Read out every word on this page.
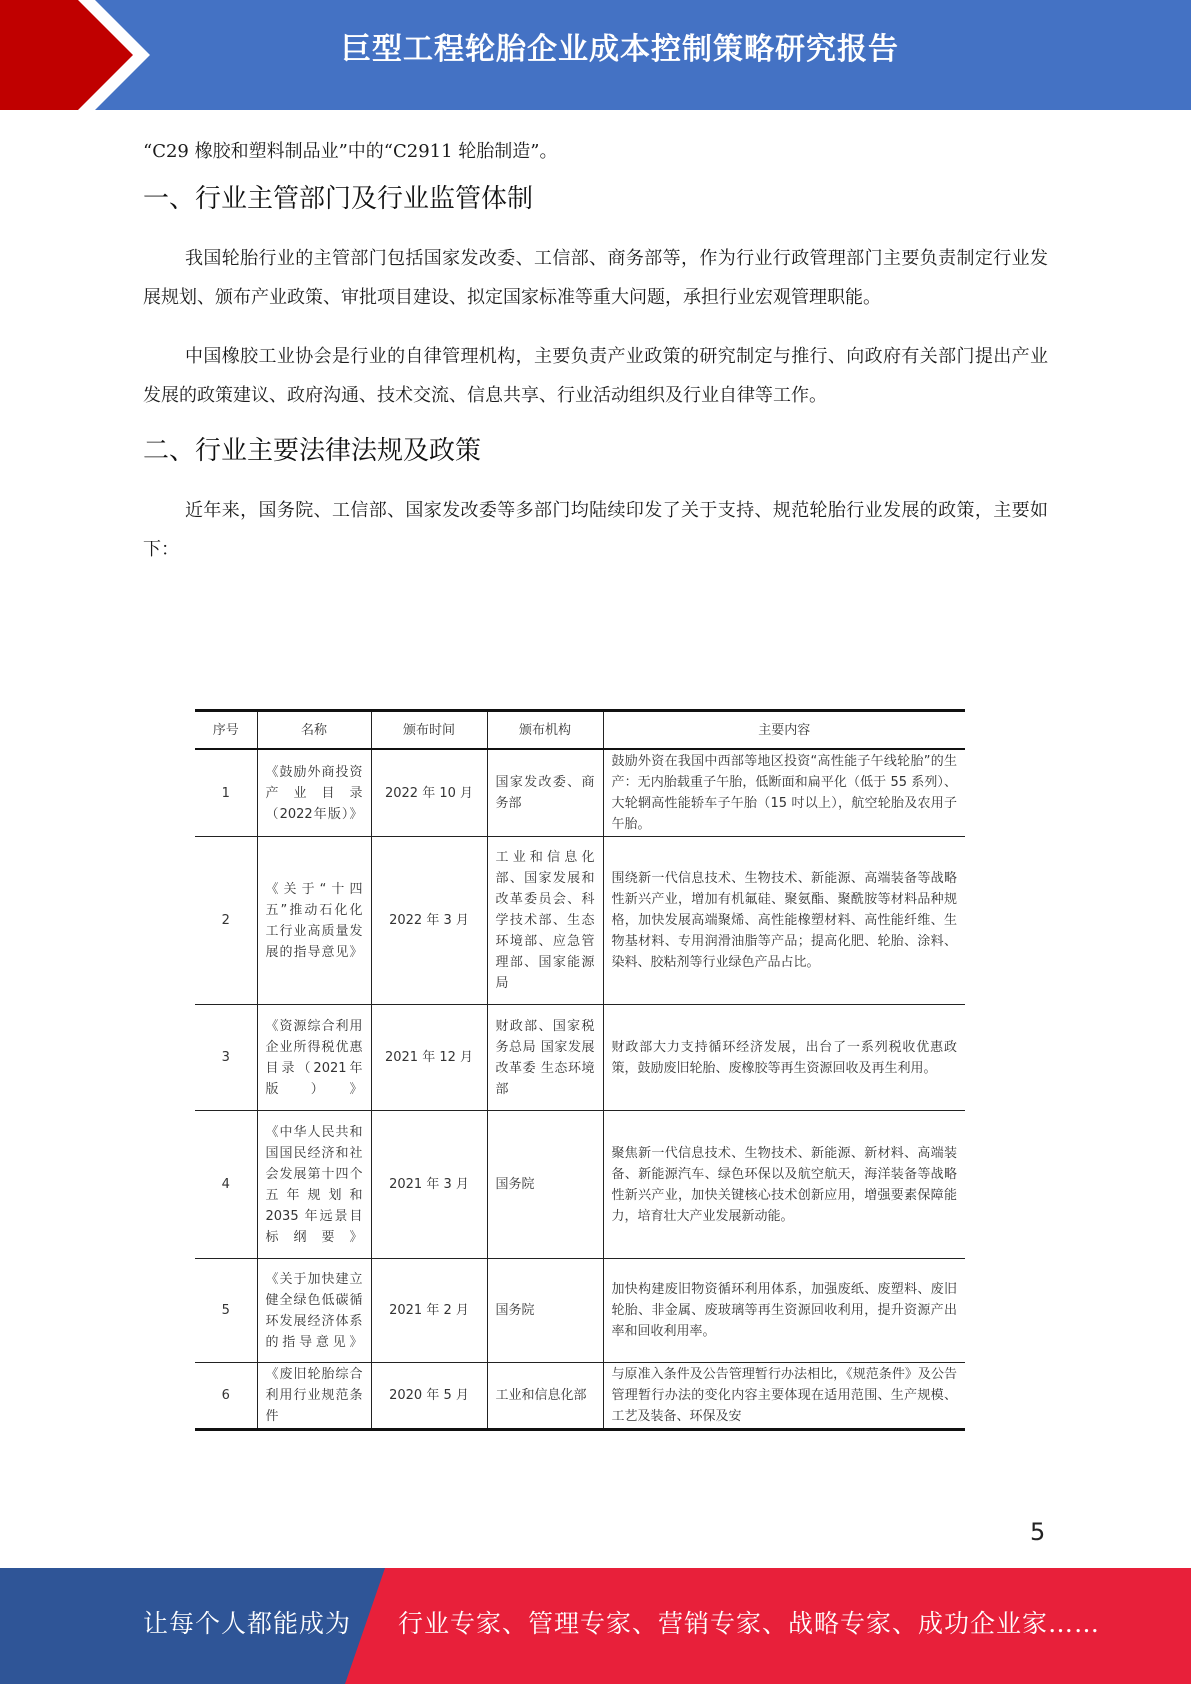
巨型工程轮胎企业成本控制策略研究报告

“C29 橡胶和塑料制品业”中的“C2911 轮胎制造”。

一、行业主管部门及行业监管体制

我国轮胎行业的主管部门包括国家发改委、工信部、商务部等，作为行业行政管理部门主要负责制定行业发展规划、颁布产业政策、审批项目建设、拟定国家标准等重大问题，承担行业宏观管理职能。

中国橡胶工业协会是行业的自律管理机构，主要负责产业政策的研究制定与推行、向政府有关部门提出产业发展的政策建议、政府沟通、技术交流、信息共享、行业活动组织及行业自律等工作。

二、行业主要法律法规及政策

近年来，国务院、工信部、国家发改委等多部门均陆续印发了关于支持、规范轮胎行业发展的政策，主要如下：

序号	名称	颁布时间	颁布机构	主要内容
1	《鼓励外商投资产业目录（2022年版）》	2022 年 10 月	国家发改委、商务部	鼓励外资在我国中西部等地区投资“高性能子午线轮胎”的生产：无内胎载重子午胎，低断面和扁平化（低于 55 系列）、大轮辋高性能轿车子午胎（15 吋以上），航空轮胎及农用子午胎。
2	《关于“十四五”推动石化化工行业高质量发展的指导意见》	2022 年 3 月	工业和信息化部、国家发展和改革委员会、科学技术部、生态环境部、应急管理部、国家能源局	围绕新一代信息技术、生物技术、新能源、高端装备等战略性新兴产业，增加有机氟硅、聚氨酯、聚酰胺等材料品种规格，加快发展高端聚烯、高性能橡塑材料、高性能纤维、生物基材料、专用润滑油脂等产品；提高化肥、轮胎、涂料、染料、胶粘剂等行业绿色产品占比。
3	《资源综合利用企业所得税优惠目录（2021年版）》	2021 年 12 月	财政部、国家税务总局 国家发展改革委 生态环境部	财政部大力支持循环经济发展，出台了一系列税收优惠政策，鼓励废旧轮胎、废橡胶等再生资源回收及再生利用。
4	《中华人民共和国国民经济和社会发展第十四个五年规划和2035 年远景目标纲要》	2021 年 3 月	国务院	聚焦新一代信息技术、生物技术、新能源、新材料、高端装备、新能源汽车、绿色环保以及航空航天，海洋装备等战略性新兴产业，加快关键核心技术创新应用，增强要素保障能力，培育壮大产业发展新动能。
5	《关于加快建立健全绿色低碳循环发展经济体系的指导意见》	2021 年 2 月	国务院	加快构建废旧物资循环利用体系，加强废纸、废塑料、废旧轮胎、非金属、废玻璃等再生资源回收利用，提升资源产出率和回收利用率。
6	《废旧轮胎综合利用行业规范条件	2020 年 5 月	工业和信息化部	与原准入条件及公告管理暂行办法相比，《规范条件》及公告管理暂行办法的变化内容主要体现在适用范围、生产规模、工艺及装备、环保及安
5
让每个人都能成为 行业专家、管理专家、营销专家、战略专家、成功企业家……
